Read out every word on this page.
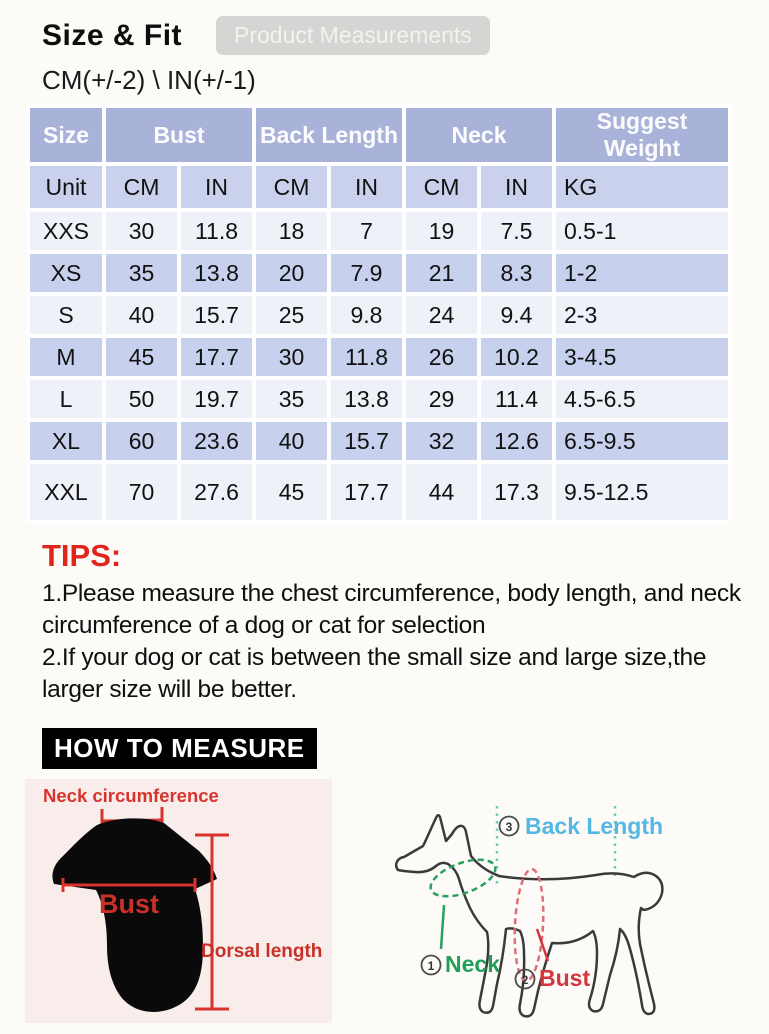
Size & Fit	Product Measurements
CM(+/-2) \ IN(+/-1)
Size	Bust		Back Length		Neck		Suggest Weight
Unit	CM	IN	CM	IN	CM	IN	KG
XXS	30	11.8	18	7	19	7.5	0.5-1
XS	35	13.8	20	7.9	21	8.3	1-2
S	40	15.7	25	9.8	24	9.4	2-3
M	45	17.7	30	11.8	26	10.2	3-4.5
L	50	19.7	35	13.8	29	11.4	4.5-6.5
XL	60	23.6	40	15.7	32	12.6	6.5-9.5
XXL	70	27.6	45	17.7	44	17.3	9.5-12.5
TIPS:
1.Please measure the chest circumference, body length, and neck circumference of a dog or cat for selection
2.If your dog or cat is between the small size and large size,the larger size will be better.
HOW TO MEASURE
Neck circumference
Bust
Dorsal length
3 Back Length
1 Neck
2 Bust
